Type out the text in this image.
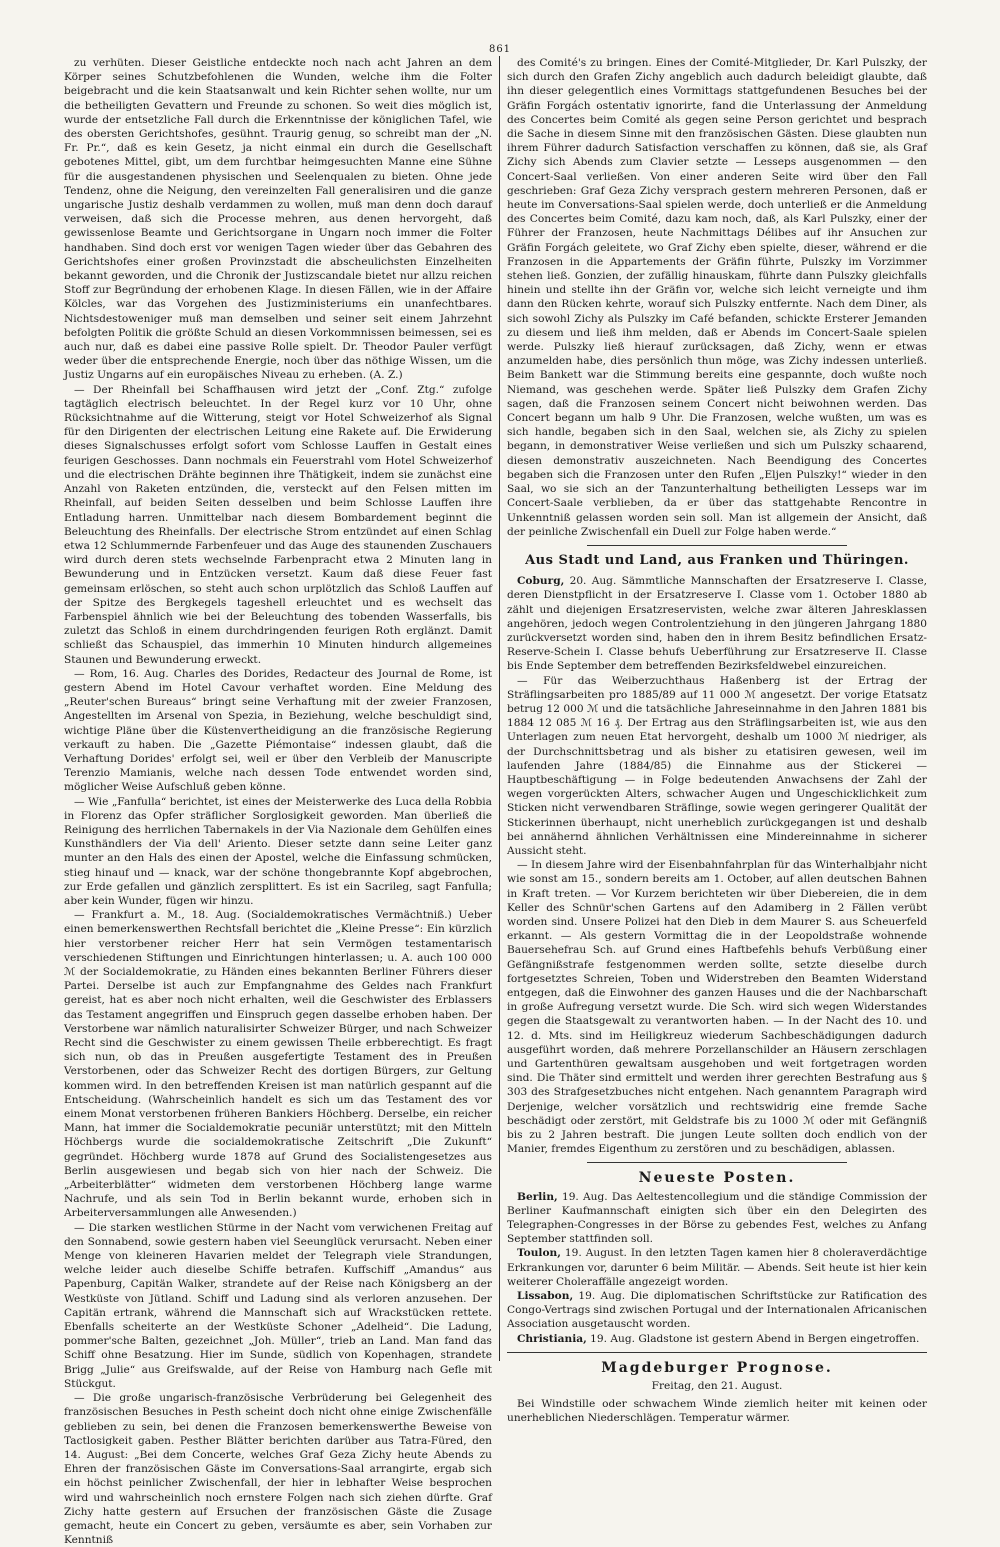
861

zu verhüten. Dieser Geistliche entdeckte noch nach acht Jahren an dem Körper seines Schutzbefohlenen die Wunden, welche ihm die Folter beigebracht und die kein Staatsanwalt und kein Richter sehen wollte, nur um die betheiligten Gevattern und Freunde zu schonen. So weit dies möglich ist, wurde der entsetzliche Fall durch die Erkenntnisse der königlichen Tafel, wie des obersten Gerichtshofes, gesühnt. Traurig genug, so schreibt man der „N. Fr. Pr.“, daß es kein Gesetz, ja nicht einmal ein durch die Gesellschaft gebotenes Mittel, gibt, um dem furchtbar heimgesuchten Manne eine Sühne für die ausgestandenen physischen und Seelenqualen zu bieten. Ohne jede Tendenz, ohne die Neigung, den vereinzelten Fall generalisiren und die ganze ungarische Justiz deshalb verdammen zu wollen, muß man denn doch darauf verweisen, daß sich die Processe mehren, aus denen hervorgeht, daß gewissenlose Beamte und Gerichtsorgane in Ungarn noch immer die Folter handhaben. Sind doch erst vor wenigen Tagen wieder über das Gebahren des Gerichtshofes einer großen Provinzstadt die abscheulichsten Einzelheiten bekannt geworden, und die Chronik der Justizscandale bietet nur allzu reichen Stoff zur Begründung der erhobenen Klage. In diesen Fällen, wie in der Affaire Kölcles, war das Vorgehen des Justizministeriums ein unanfechtbares. Nichtsdestoweniger muß man demselben und seiner seit einem Jahrzehnt befolgten Politik die größte Schuld an diesen Vorkommnissen beimessen, sei es auch nur, daß es dabei eine passive Rolle spielt. Dr. Theodor Pauler verfügt weder über die entsprechende Energie, noch über das nöthige Wissen, um die Justiz Ungarns auf ein europäisches Niveau zu erheben. (A. Z.)

— Der Rheinfall bei Schaffhausen wird jetzt der „Conf. Ztg.“ zufolge tagtäglich electrisch beleuchtet. In der Regel kurz vor 10 Uhr, ohne Rücksichtnahme auf die Witterung, steigt vor Hotel Schweizerhof als Signal für den Dirigenten der electrischen Leitung eine Rakete auf. Die Erwiderung dieses Signalschusses erfolgt sofort vom Schlosse Lauffen in Gestalt eines feurigen Geschosses. Dann nochmals ein Feuerstrahl vom Hotel Schweizerhof und die electrischen Drähte beginnen ihre Thätigkeit, indem sie zunächst eine Anzahl von Raketen entzünden, die, versteckt auf den Felsen mitten im Rheinfall, auf beiden Seiten desselben und beim Schlosse Lauffen ihre Entladung harren. Unmittelbar nach diesem Bombardement beginnt die Beleuchtung des Rheinfalls. Der electrische Strom entzündet auf einen Schlag etwa 12 Schlummernde Farbenfeuer und das Auge des staunenden Zuschauers wird durch deren stets wechselnde Farbenpracht etwa 2 Minuten lang in Bewunderung und in Entzücken versetzt. Kaum daß diese Feuer fast gemeinsam erlöschen, so steht auch schon urplötzlich das Schloß Lauffen auf der Spitze des Bergkegels tageshell erleuchtet und es wechselt das Farbenspiel ähnlich wie bei der Beleuchtung des tobenden Wasserfalls, bis zuletzt das Schloß in einem durchdringenden feurigen Roth erglänzt. Damit schließt das Schauspiel, das immerhin 10 Minuten hindurch allgemeines Staunen und Bewunderung erweckt.

— Rom, 16. Aug. Charles des Dorides, Redacteur des Journal de Rome, ist gestern Abend im Hotel Cavour verhaftet worden. Eine Meldung des „Reuter'schen Bureaus“ bringt seine Verhaftung mit der zweier Franzosen, Angestellten im Arsenal von Spezia, in Beziehung, welche beschuldigt sind, wichtige Pläne über die Küstenvertheidigung an die französische Regierung verkauft zu haben. Die „Gazette Piémontaise“ indessen glaubt, daß die Verhaftung Dorides' erfolgt sei, weil er über den Verbleib der Manuscripte Terenzio Mamianis, welche nach dessen Tode entwendet worden sind, möglicher Weise Aufschluß geben könne.

— Wie „Fanfulla“ berichtet, ist eines der Meisterwerke des Luca della Robbia in Florenz das Opfer sträflicher Sorglosigkeit geworden. Man überließ die Reinigung des herrlichen Tabernakels in der Via Nazionale dem Gehülfen eines Kunsthändlers der Via dell' Ariento. Dieser setzte dann seine Leiter ganz munter an den Hals des einen der Apostel, welche die Einfassung schmücken, stieg hinauf und — knack, war der schöne thongebrannte Kopf abgebrochen, zur Erde gefallen und gänzlich zersplittert. Es ist ein Sacrileg, sagt Fanfulla; aber kein Wunder, fügen wir hinzu.

— Frankfurt a. M., 18. Aug. (Socialdemokratisches Vermächtniß.) Ueber einen bemerkenswerthen Rechtsfall berichtet die „Kleine Presse“: Ein kürzlich hier verstorbener reicher Herr hat sein Vermögen testamentarisch verschiedenen Stiftungen und Einrichtungen hinterlassen; u. A. auch 100 000 ℳ der Socialdemokratie, zu Händen eines bekannten Berliner Führers dieser Partei. Derselbe ist auch zur Empfangnahme des Geldes nach Frankfurt gereist, hat es aber noch nicht erhalten, weil die Geschwister des Erblassers das Testament angegriffen und Einspruch gegen dasselbe erhoben haben. Der Verstorbene war nämlich naturalisirter Schweizer Bürger, und nach Schweizer Recht sind die Geschwister zu einem gewissen Theile erbberechtigt. Es fragt sich nun, ob das in Preußen ausgefertigte Testament des in Preußen Verstorbenen, oder das Schweizer Recht des dortigen Bürgers, zur Geltung kommen wird. In den betreffenden Kreisen ist man natürlich gespannt auf die Entscheidung. (Wahrscheinlich handelt es sich um das Testament des vor einem Monat verstorbenen früheren Bankiers Höchberg. Derselbe, ein reicher Mann, hat immer die Socialdemokratie pecuniär unterstützt; mit den Mitteln Höchbergs wurde die socialdemokratische Zeitschrift „Die Zukunft“ gegründet. Höchberg wurde 1878 auf Grund des Socialistengesetzes aus Berlin ausgewiesen und begab sich von hier nach der Schweiz. Die „Arbeiterblätter“ widmeten dem verstorbenen Höchberg lange warme Nachrufe, und als sein Tod in Berlin bekannt wurde, erhoben sich in Arbeiterversammlungen alle Anwesenden.)

— Die starken westlichen Stürme in der Nacht vom verwichenen Freitag auf den Sonnabend, sowie gestern haben viel Seeunglück verursacht. Neben einer Menge von kleineren Havarien meldet der Telegraph viele Strandungen, welche leider auch dieselbe Schiffe betrafen. Kuffschiff „Amandus“ aus Papenburg, Capitän Walker, strandete auf der Reise nach Königsberg an der Westküste von Jütland. Schiff und Ladung sind als verloren anzusehen. Der Capitän ertrank, während die Mannschaft sich auf Wrackstücken rettete. Ebenfalls scheiterte an der Westküste Schoner „Adelheid“. Die Ladung, pommer'sche Balten, gezeichnet „Joh. Müller“, trieb an Land. Man fand das Schiff ohne Besatzung. Hier im Sunde, südlich von Kopenhagen, strandete Brigg „Julie“ aus Greifswalde, auf der Reise von Hamburg nach Gefle mit Stückgut.

— Die große ungarisch-französische Verbrüderung bei Gelegenheit des französischen Besuches in Pesth scheint doch nicht ohne einige Zwischenfälle geblieben zu sein, bei denen die Franzosen bemerkenswerthe Beweise von Tactlosigkeit gaben. Pesther Blätter berichten darüber aus Tatra-Füred, den 14. August: „Bei dem Concerte, welches Graf Geza Zichy heute Abends zu Ehren der französischen Gäste im Conversations-Saal arrangirte, ergab sich ein höchst peinlicher Zwischenfall, der hier in lebhafter Weise besprochen wird und wahrscheinlich noch ernstere Folgen nach sich ziehen dürfte. Graf Zichy hatte gestern auf Ersuchen der französischen Gäste die Zusage gemacht, heute ein Concert zu geben, versäumte es aber, sein Vorhaben zur Kenntniß

des Comité's zu bringen. Eines der Comité-Mitglieder, Dr. Karl Pulszky, der sich durch den Grafen Zichy angeblich auch dadurch beleidigt glaubte, daß ihn dieser gelegentlich eines Vormittags stattgefundenen Besuches bei der Gräfin Forgách ostentativ ignorirte, fand die Unterlassung der Anmeldung des Concertes beim Comité als gegen seine Person gerichtet und besprach die Sache in diesem Sinne mit den französischen Gästen. Diese glaubten nun ihrem Führer dadurch Satisfaction verschaffen zu können, daß sie, als Graf Zichy sich Abends zum Clavier setzte — Lesseps ausgenommen — den Concert-Saal verließen. Von einer anderen Seite wird über den Fall geschrieben: Graf Geza Zichy versprach gestern mehreren Personen, daß er heute im Conversations-Saal spielen werde, doch unterließ er die Anmeldung des Concertes beim Comité, dazu kam noch, daß, als Karl Pulszky, einer der Führer der Franzosen, heute Nachmittags Délibes auf ihr Ansuchen zur Gräfin Forgách geleitete, wo Graf Zichy eben spielte, dieser, während er die Franzosen in die Appartements der Gräfin führte, Pulszky im Vorzimmer stehen ließ. Gonzien, der zufällig hinauskam, führte dann Pulszky gleichfalls hinein und stellte ihn der Gräfin vor, welche sich leicht verneigte und ihm dann den Rücken kehrte, worauf sich Pulszky entfernte. Nach dem Diner, als sich sowohl Zichy als Pulszky im Café befanden, schickte Ersterer Jemanden zu diesem und ließ ihm melden, daß er Abends im Concert-Saale spielen werde. Pulszky ließ hierauf zurücksagen, daß Zichy, wenn er etwas anzumelden habe, dies persönlich thun möge, was Zichy indessen unterließ. Beim Bankett war die Stimmung bereits eine gespannte, doch wußte noch Niemand, was geschehen werde. Später ließ Pulszky dem Grafen Zichy sagen, daß die Franzosen seinem Concert nicht beiwohnen werden. Das Concert begann um halb 9 Uhr. Die Franzosen, welche wußten, um was es sich handle, begaben sich in den Saal, welchen sie, als Zichy zu spielen begann, in demonstrativer Weise verließen und sich um Pulszky schaarend, diesen demonstrativ auszeichneten. Nach Beendigung des Concertes begaben sich die Franzosen unter den Rufen „Eljen Pulszky!“ wieder in den Saal, wo sie sich an der Tanzunterhaltung betheiligten Lesseps war im Concert-Saale verblieben, da er über das stattgehabte Rencontre in Unkenntniß gelassen worden sein soll. Man ist allgemein der Ansicht, daß der peinliche Zwischenfall ein Duell zur Folge haben werde.“

Aus Stadt und Land, aus Franken und Thüringen.

Coburg, 20. Aug. Sämmtliche Mannschaften der Ersatzreserve I. Classe, deren Dienstpflicht in der Ersatzreserve I. Classe vom 1. October 1880 ab zählt und diejenigen Ersatzreservisten, welche zwar älteren Jahresklassen angehören, jedoch wegen Controlentziehung in den jüngeren Jahrgang 1880 zurückversetzt worden sind, haben den in ihrem Besitz befindlichen Ersatz-Reserve-Schein I. Classe behufs Ueberführung zur Ersatzreserve II. Classe bis Ende September dem betreffenden Bezirksfeldwebel einzureichen.

— Für das Weiberzuchthaus Haßenberg ist der Ertrag der Sträflingsarbeiten pro 1885/89 auf 11 000 ℳ angesetzt. Der vorige Etatsatz betrug 12 000 ℳ und die tatsächliche Jahreseinnahme in den Jahren 1881 bis 1884 12 085 ℳ 16 ₰. Der Ertrag aus den Sträflingsarbeiten ist, wie aus den Unterlagen zum neuen Etat hervorgeht, deshalb um 1000 ℳ niedriger, als der Durchschnittsbetrag und als bisher zu etatisiren gewesen, weil im laufenden Jahre (1884/85) die Einnahme aus der Stickerei — Hauptbeschäftigung — in Folge bedeutenden Anwachsens der Zahl der wegen vorgerückten Alters, schwacher Augen und Ungeschicklichkeit zum Sticken nicht verwendbaren Sträflinge, sowie wegen geringerer Qualität der Stickerinnen überhaupt, nicht unerheblich zurückgegangen ist und deshalb bei annähernd ähnlichen Verhältnissen eine Mindereinnahme in sicherer Aussicht steht.

— In diesem Jahre wird der Eisenbahnfahrplan für das Winterhalbjahr nicht wie sonst am 15., sondern bereits am 1. October, auf allen deutschen Bahnen in Kraft treten. — Vor Kurzem berichteten wir über Diebereien, die in dem Keller des Schnür'schen Gartens auf den Adamiberg in 2 Fällen verübt worden sind. Unsere Polizei hat den Dieb in dem Maurer S. aus Scheuerfeld erkannt. — Als gestern Vormittag die in der Leopoldstraße wohnende Bauersehefrau Sch. auf Grund eines Haftbefehls behufs Verbüßung einer Gefängnißstrafe festgenommen werden sollte, setzte dieselbe durch fortgesetztes Schreien, Toben und Widerstreben den Beamten Widerstand entgegen, daß die Einwohner des ganzen Hauses und die der Nachbarschaft in große Aufregung versetzt wurde. Die Sch. wird sich wegen Widerstandes gegen die Staatsgewalt zu verantworten haben. — In der Nacht des 10. und 12. d. Mts. sind im Heiligkreuz wiederum Sachbeschädigungen dadurch ausgeführt worden, daß mehrere Porzellanschilder an Häusern zerschlagen und Gartenthüren gewaltsam ausgehoben und weit fortgetragen worden sind. Die Thäter sind ermittelt und werden ihrer gerechten Bestrafung aus § 303 des Strafgesetzbuches nicht entgehen. Nach genanntem Paragraph wird Derjenige, welcher vorsätzlich und rechtswidrig eine fremde Sache beschädigt oder zerstört, mit Geldstrafe bis zu 1000 ℳ oder mit Gefängniß bis zu 2 Jahren bestraft. Die jungen Leute sollten doch endlich von der Manier, fremdes Eigenthum zu zerstören und zu beschädigen, ablassen.

Neueste Posten.

Berlin, 19. Aug. Das Aeltestencollegium und die ständige Commission der Berliner Kaufmannschaft einigten sich über ein den Delegirten des Telegraphen-Congresses in der Börse zu gebendes Fest, welches zu Anfang September stattfinden soll.

Toulon, 19. August. In den letzten Tagen kamen hier 8 choleraverdächtige Erkrankungen vor, darunter 6 beim Militär. — Abends. Seit heute ist hier kein weiterer Choleraffälle angezeigt worden.

Lissabon, 19. Aug. Die diplomatischen Schriftstücke zur Ratification des Congo-Vertrags sind zwischen Portugal und der Internationalen Africanischen Association ausgetauscht worden.

Christiania, 19. Aug. Gladstone ist gestern Abend in Bergen eingetroffen.

Magdeburger Prognose.
Freitag, den 21. August.

Bei Windstille oder schwachem Winde ziemlich heiter mit keinen oder unerheblichen Niederschlägen. Temperatur wärmer.
